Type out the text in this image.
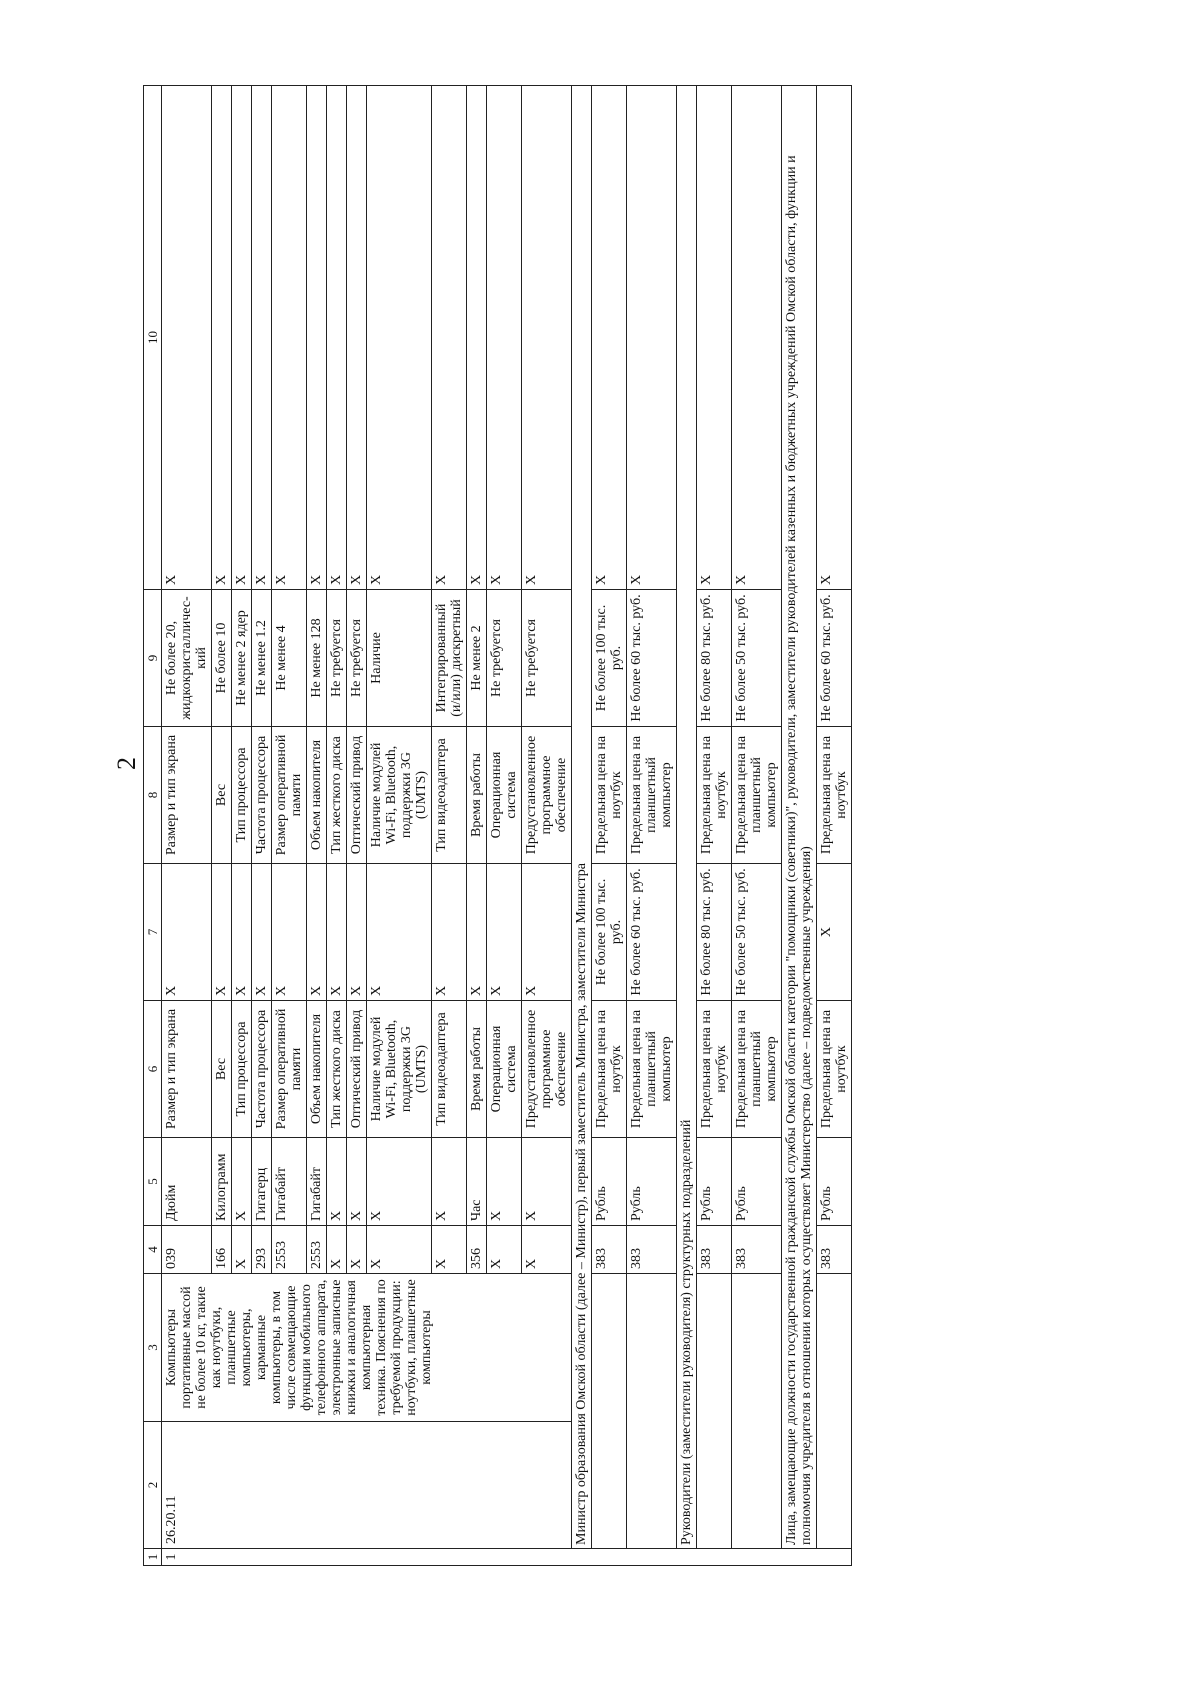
2
1	2	3	4	5	6	7	8	9	10
1	26.20.11	Компьютеры портативные массой не более 10 кг, такие как ноутбуки, планшетные компьютеры, карманные компьютеры, в том числе совмещающие функции мобильного телефонного аппарата, электронные записные книжки и аналогичная компьютерная техника. Пояснения по требуемой продукции: ноутбуки, планшетные компьютеры	039	Дюйм	Размер и тип экрана	X	Размер и тип экрана	Не более 20, жидкокристалличес-кий	X
			166	Килограмм	Вес	X	Вес	Не более 10	X
			X	X	Тип процессора	X	Тип процессора	Не менее 2 ядер	X
			293	Гигагерц	Частота процессора	X	Частота процессора	Не менее 1.2	X
			2553	Гигабайт	Размер оперативной памяти	X	Размер оперативной памяти	Не менее 4	X
			2553	Гигабайт	Объем накопителя	X	Объем накопителя	Не менее 128	X
			X	X	Тип жесткого диска	X	Тип жесткого диска	Не требуется	X
			X	X	Оптический привод	X	Оптический привод	Не требуется	X
			X	X	Наличие модулей Wi-Fi, Bluetooth, поддержки 3G (UMTS)	X	Наличие модулей Wi-Fi, Bluetooth, поддержки 3G (UMTS)	Наличие	X
			X	X	Тип видеоадаптера	X	Тип видеоадаптера	Интегрированный (и/или) дискретный	X
			356	Час	Время работы	X	Время работы	Не менее 2	X
			X	X	Операционная система	X	Операционная система	Не требуется	X
			X	X	Предустановленное программное обеспечение	X	Предустановленное программное обеспечение	Не требуется	X
	Министр образования Омской области (далее – Министр), первый заместитель Министра, заместители Министра								
			383	Рубль	Предельная цена на ноутбук	Не более 100 тыс. руб.	Предельная цена на ноутбук	Не более 100 тыс. руб.	X
			383	Рубль	Предельная цена на планшетный компьютер	Не более 60 тыс. руб.	Предельная цена на планшетный компьютер	Не более 60 тыс. руб.	X
	Руководители (заместители руководителя) структурных подразделений								
			383	Рубль	Предельная цена на ноутбук	Не более 80 тыс. руб.	Предельная цена на ноутбук	Не более 80 тыс. руб.	X
			383	Рубль	Предельная цена на планшетный компьютер	Не более 50 тыс. руб.	Предельная цена на планшетный компьютер	Не более 50 тыс. руб.	X
	Лица, замещающие должности государственной гражданской службы Омской области категории "помощники (советники)", руководители, заместители руководителей казенных и бюджетных учреждений Омской области, функции и полномочия учредителя в отношении которых осуществляет Министерство (далее – подведомственные учреждения)								
			383	Рубль	Предельная цена на ноутбук	X	Предельная цена на ноутбук	Не более 60 тыс. руб.	X
